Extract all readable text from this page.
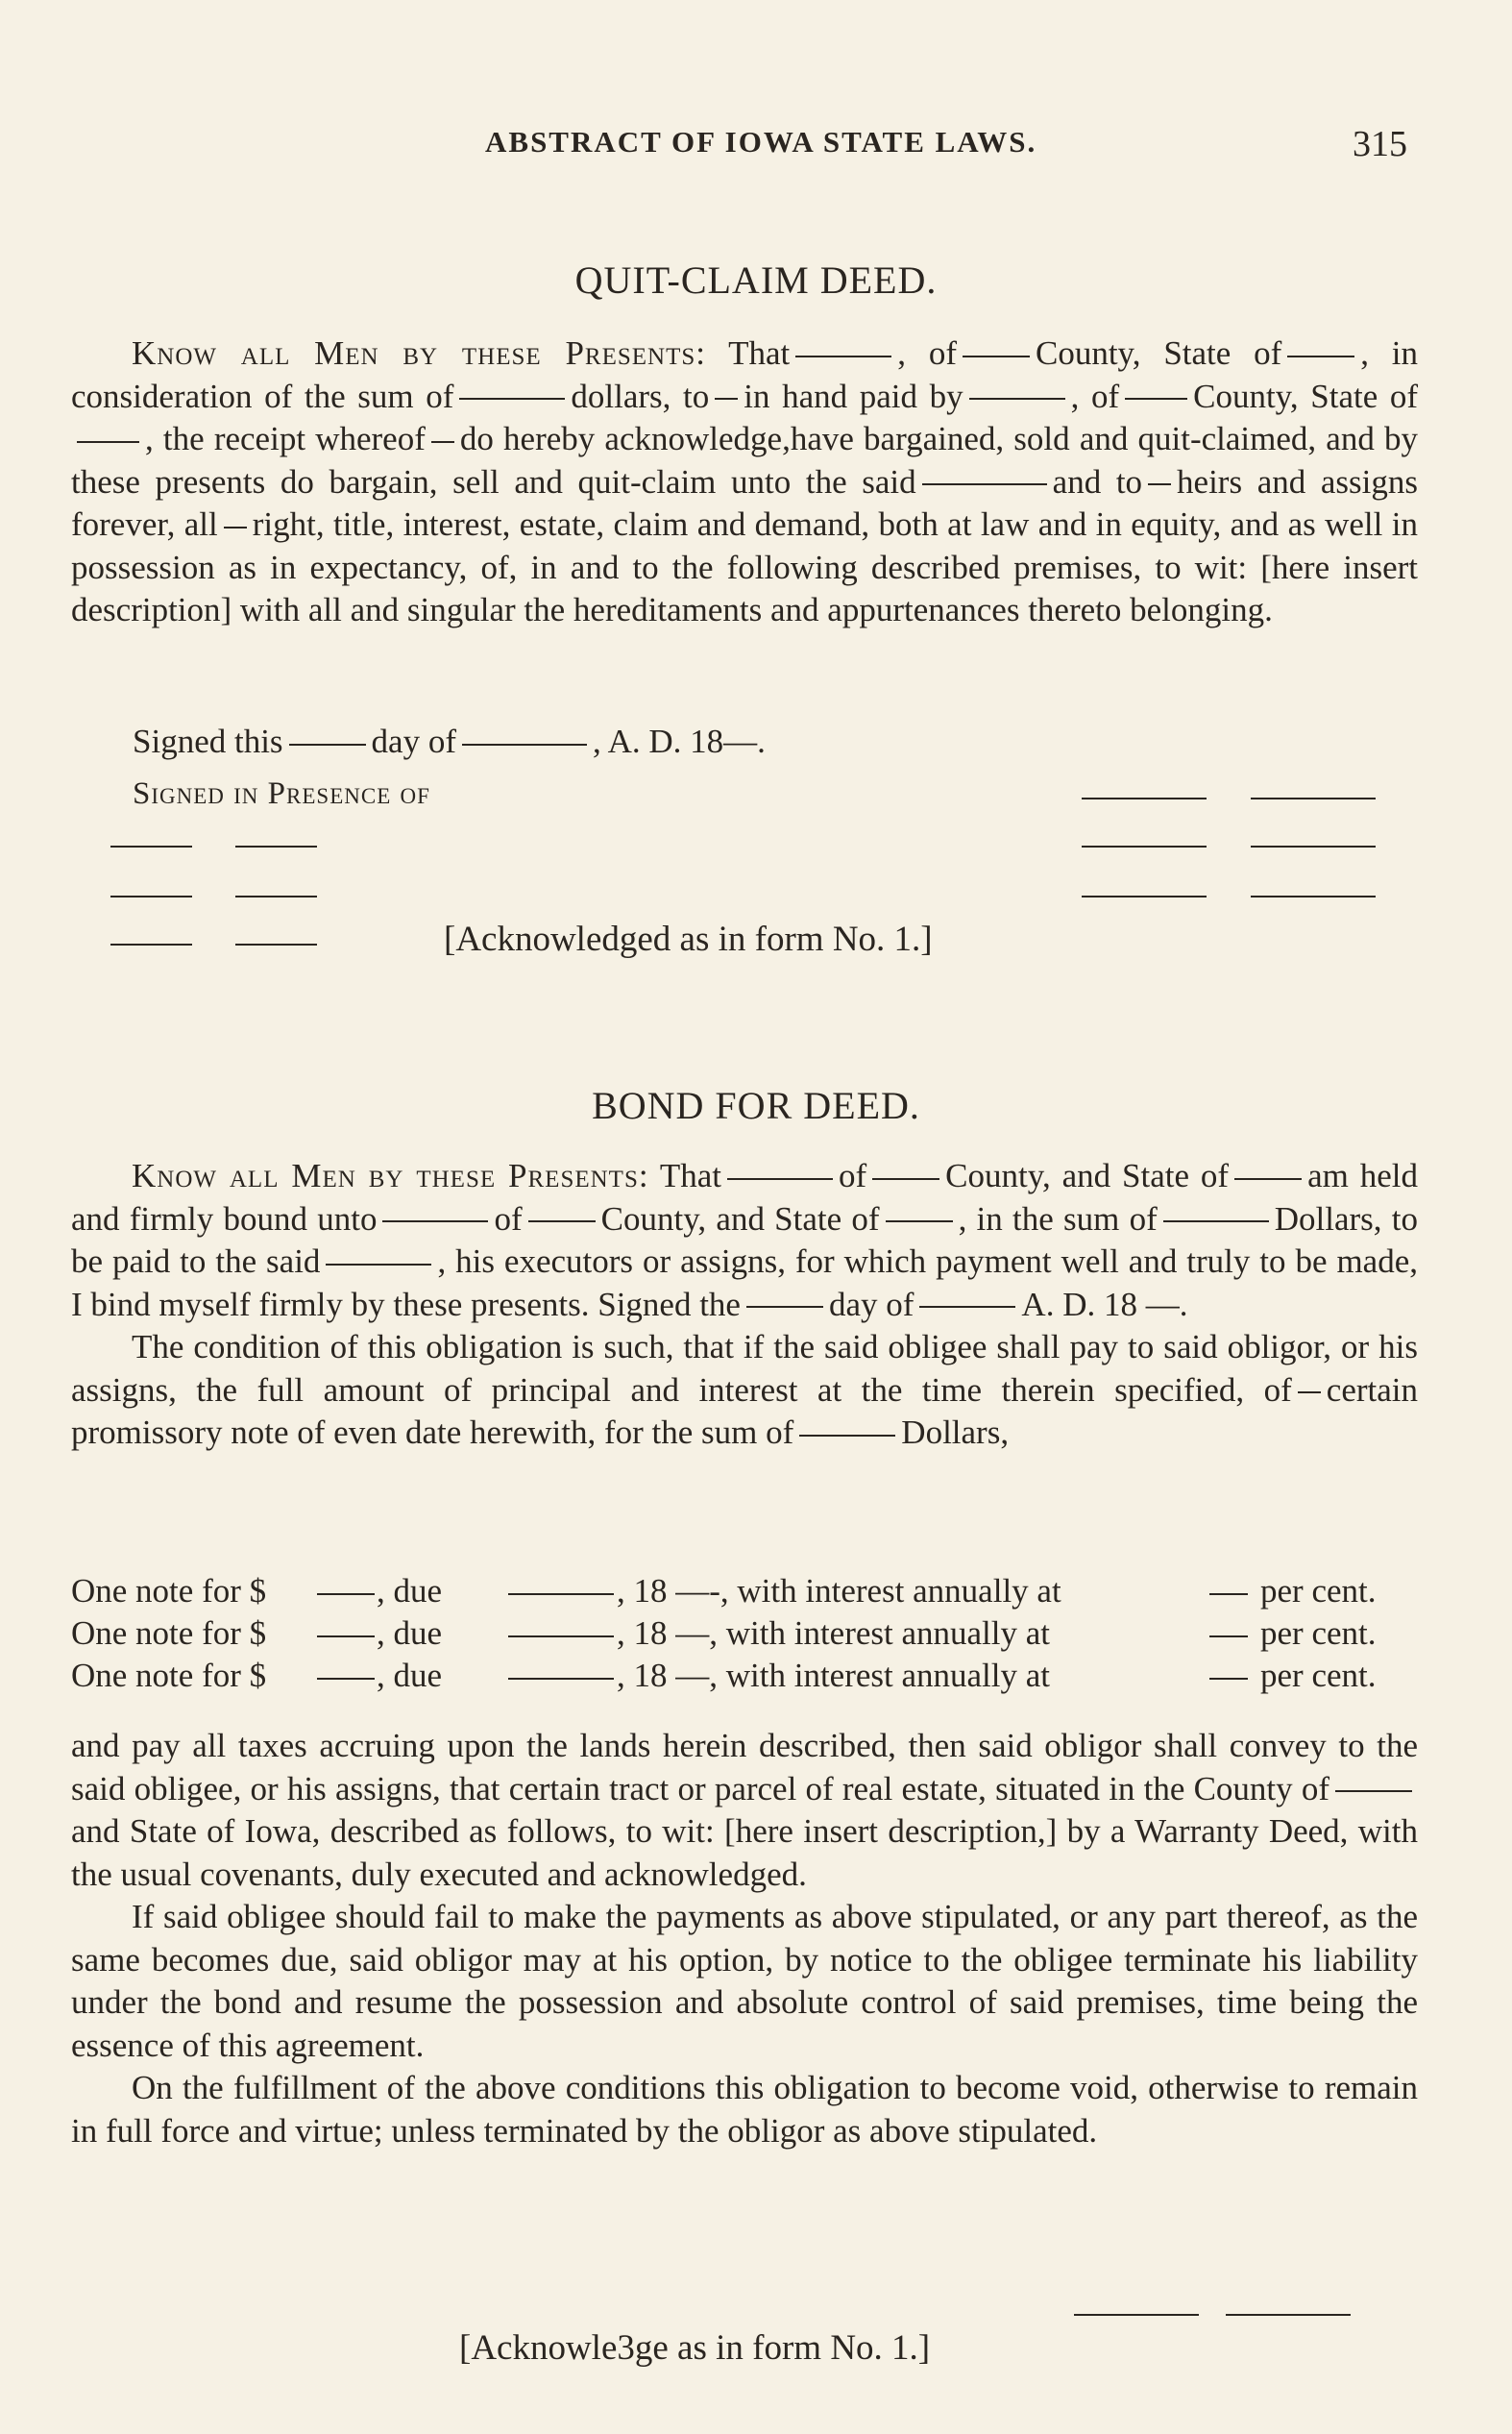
ABSTRACT OF IOWA STATE LAWS.	315
QUIT-CLAIM DEED.

Know all Men by these Presents: That	, of County, State of , in consideration of the sum of	dollars, to in hand paid by	, of County, State of, the receipt whereof do hereby acknowledge,have bargained, sold and quit-claimed, and by these presents do bargain, sell and quit-claim unto the said	and to heirs and assigns forever, all right, title, interest, estate, claim and demand, both at law and in equity, and as well in possession as in expectancy, of, in and to the following described premises, to wit: [here insert description] with all and singular the hereditaments and appurtenances thereto belonging.

Signed this	day of	, A. D. 18—.
Signed in Presence of
[Acknowledged as in form No. 1.]
BOND FOR DEED.

Know all Men by these Presents: That	of County, and State of am held and firmly bound unto	of County, and State of , in the sum of	Dollars, to be paid to the said	, his executors or assigns, for which payment well and truly to be made, I bind myself firmly by these presents. Signed the	day of	A. D. 18 —.

The condition of this obligation is such, that if the said obligee shall pay to said obligor, or his assigns, the full amount of principal and interest at the time therein specified, of certain promissory note of even date herewith, for the sum of	Dollars,

One note for $	, due	, 18 —-, with interest annually at	per cent.
One note for $	, due	, 18 —, with interest annually at	per cent.
One note for $	, due	, 18 —, with interest annually at	per cent.

and pay all taxes accruing upon the lands herein described, then said obligor shall convey to the said obligee, or his assigns, that certain tract or parcel of real estate, situated in the County ofand State of Iowa, described as follows, to wit: [here insert description,] by a Warranty Deed, with the usual covenants, duly executed and acknowledged.

If said obligee should fail to make the payments as above stipulated, or any part thereof, as the same becomes due, said obligor may at his option, by notice to the obligee terminate his liability under the bond and resume the possession and absolute control of said premises, time being the essence of this agreement.

On the fulfillment of the above conditions this obligation to become void, otherwise to remain in full force and virtue; unless terminated by the obligor as above stipulated.

[Acknowle3ge as in form No. 1.]
